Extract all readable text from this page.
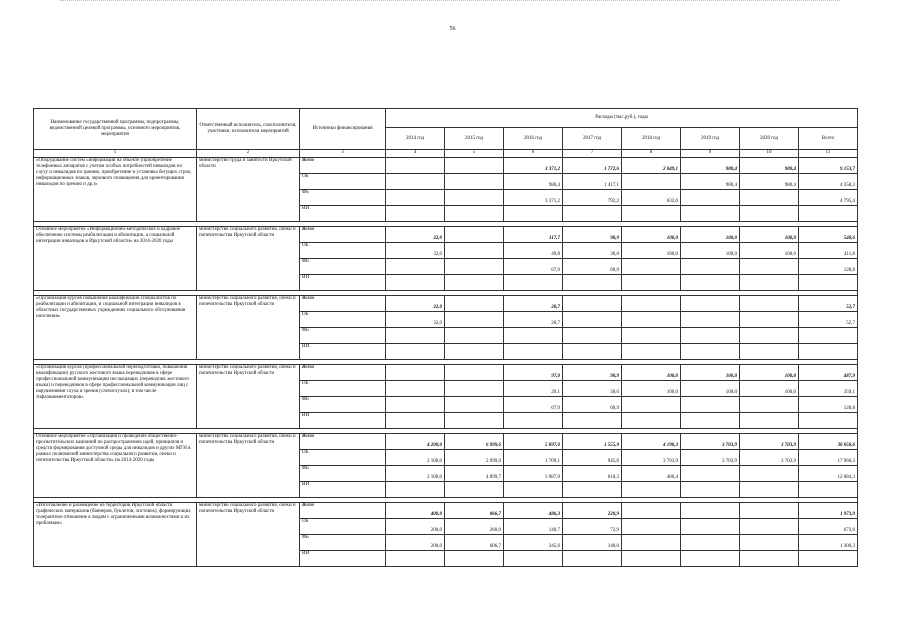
56
Наименование государственной программы, подпрограммы, ведомственной целевой программы, основного мероприятия, мероприятия	Ответственный исполнитель, соисполнители, участники, исполнители мероприятий	Источники финансирования	Расходы (тыс.руб.), годы							
			2014 год	2015 год	2016 год	2017 год	2018 год	2019 год	2020 год	Всего
1	2	3	4	5	6	7	8	9	10	11
«Оборудование систем «информации на объекте (приобретение телефонных аппаратов с учетом особых потребностей инвалидов по слуху и инвалидов по зрению, приобретение и установка бегущих строк, информационных знаков, звукового оповещения для ориентирования инвалидов по зрению и др.)»	министерство труда и занятости Иркутской области	Всего			3 371,2	1 772,6	2 049,1	980,4	980,4	9 153,7
		ОБ			980,4	1 417,1		980,4	980,4	4 358,3
		ФБ			3 371,2	792,2	632,0			4 795,4
		ИИ								

Основное мероприятие «Информационно-методическое и кадровое обеспечение системы реабилитации и абилитации, а социальной интеграции инвалидов в Иркутской области» на 2014-2020 годы	министерство социального развития, опеки и попечительства Иркутской области	Всего	32,0		117,7	90,9	100,0	100,0	100,0	540,6
		ОБ	32,0		49,8	30,0	100,0	100,0	100,0	411,8
		ФБ			67,9	60,9				128,8
		ИИ								

«Организация курсов повышения квалификации специалистов по реабилитации и абилитации, и социальной интеграции инвалидов в областных государственных учреждениях социального обслуживания населения»	министерство социального развития, опеки и попечительства Иркутской области	Всего	32,0		20,7					52,7
		ОБ	32,0		20,7					52,7
		ФБ								
		ИИ								

«Организация курсов (профессиональной переподготовки, повышения квалификации) русского жестового языка переводчиков в сфере профессиональной коммуникации неслышащих (переводчик жестового языка) и переводчиков в сфере профессиональной коммуникации лиц с нарушениями слуха и зрения (слепоглухих), в том числе тифлокомментаторов»	министерство социального развития, опеки и попечительства Иркутской области	Всего			97,0	90,9	100,0	100,0	100,0	487,9
		ОБ			29,1	30,0	100,0	100,0	100,0	359,1
		ФБ			67,9	60,9				128,8
		ИИ								

Основное мероприятие «Организация и проведение общественно-просветительских кампаний по распространению идей, принципов и средств формирования доступной среды для инвалидов и других МГН в рамках полномочий министерства социального развития, опеки и попечительства Иркутской области» на 2014-2020 годы	министерство социального развития, опеки и попечительства Иркутской области	Всего	4 200,0	6 999,6	5 097,0	1 555,9	4 190,3	3 703,9	3 703,9	30 050,6
		ОБ	2 100,0	2 099,9	1 709,1	945,6	3 703,9	3 703,9	3 703,9	17 966,3
		ФБ	2 100,0	4 899,7	3 987,9	610,3	486,4			12 084,3
		ИИ								

«Изготовление и размещение на территории Иркутской области графических материалов (баннеров, буклетов, листовок), формирующих толерантное отношение к людям с ограниченными возможностями и их проблемам»	министерство социального развития, опеки и попечительства Иркутской области	Всего	400,0	866,7	486,3	220,9				1 973,9
		ОБ	200,0	260,0	140,7	72,9				673,6
		ФБ	200,0	606,7	345,6	148,0				1 300,3
		ИИ								
